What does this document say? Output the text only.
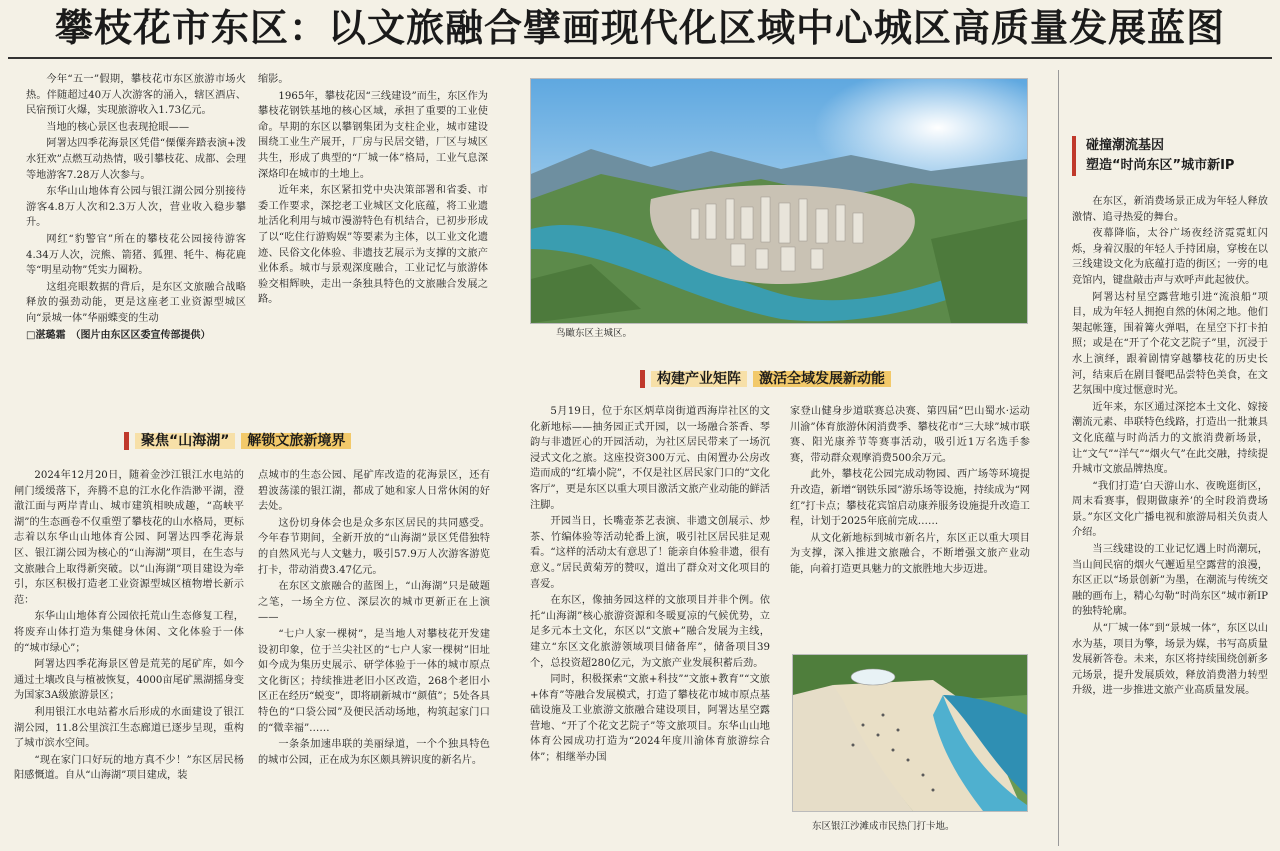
攀枝花市东区：以文旅融合擘画现代化区域中心城区高质量发展蓝图

今年“五一”假期，攀枝花市东区旅游市场火热。伴随超过40万人次游客的涌入，辖区酒店、民宿预订火爆，实现旅游收入1.73亿元。

当地的核心景区也表现抢眼——

阿署达四季花海景区凭借“傈僳奔踏表演+泼水狂欢”点燃互动热情，吸引攀枝花、成都、会理等地游客7.28万人次参与。

东华山山地体育公园与银江湖公园分别接待游客4.8万人次和2.3万人次，营业收入稳步攀升。

网红“豹警官”所在的攀枝花公园接待游客4.34万人次，浣熊、箭猪、狐狸、牦牛、梅花鹿等“明星动物”凭实力圈粉。

这组亮眼数据的背后，是东区文旅融合战略释放的强劲动能，更是这座老工业资源型城区向“景城一体”华丽蝶变的生动

□湛璐霜　（图片由东区区委宣传部提供）

缩影。

1965年，攀枝花因“三线建设”而生，东区作为攀枝花钢铁基地的核心区域，承担了重要的工业使命。早期的东区以攀钢集团为支柱企业，城市建设围绕工业生产展开，厂房与民居交错，厂区与城区共生，形成了典型的“厂城一体”格局，工业气息深深烙印在城市的土地上。

近年来，东区紧扣党中央决策部署和省委、市委工作要求，深挖老工业城区文化底蕴，将工业遗址活化利用与城市漫游特色有机结合，已初步形成了以“吃住行游购娱”等要素为主体，以工业文化遗迹、民俗文化体验、非遗技艺展示为支撑的文旅产业体系。城市与景观深度融合，工业记忆与旅游体验交相辉映，走出一条独具特色的文旅融合发展之路。

鸟瞰东区主城区。
聚焦“山海湖” 解锁文旅新境界

2024年12月20日，随着金沙江银江水电站的闸门缓缓落下，奔腾不息的江水化作浩渺平湖，澄澈江面与两岸青山、城市建筑相映成趣，“高峡平湖”的生态画卷不仅重塑了攀枝花的山水格局，更标志着以东华山山地体育公园、阿署达四季花海景区、银江湖公园为核心的“山海湖”项目，在生态与文旅融合上取得新突破。以“山海湖”项目建设为牵引，东区积极打造老工业资源型城区植物增长新示范：

东华山山地体育公园依托荒山生态修复工程，将废弃山体打造为集健身休闲、文化体验于一体的“城市绿心”；

阿署达四季花海景区曾是荒芜的尾矿库，如今通过土壤改良与植被恢复，4000亩尾矿黑湖摇身变为国家3A级旅游景区；

利用银江水电站蓄水后形成的水面建设了银江湖公园，11.8公里滨江生态廊道已逐步呈现，重构了城市滨水空间。

“现在家门口好玩的地方真不少！”东区居民杨阳感慨道。自从“山海湖”项目建成，装

点城市的生态公园、尾矿库改造的花海景区，还有碧波荡漾的银江湖，都成了她和家人日常休闲的好去处。

这份切身体会也是众多东区居民的共同感受。今年春节期间，全新开放的“山海湖”景区凭借独特的自然风光与人文魅力，吸引57.9万人次游客游览打卡，带动消费3.47亿元。

在东区文旅融合的蓝图上，“山海湖”只是破题之笔，一场全方位、深层次的城市更新正在上演——

“七户人家一棵树”，是当地人对攀枝花开发建设初印象，位于兰尖社区的“七户人家一棵树”旧址如今成为集历史展示、研学体验于一体的城市原点文化街区；持续推进老旧小区改造，268个老旧小区正在经历“蜕变”，即将刷新城市“颜值”；5处各具特色的“口袋公园”及便民活动场地，构筑起家门口的“微幸福”……

一条条加速串联的美丽绿道，一个个独具特色的城市公园，正在成为东区颇具辨识度的新名片。

构建产业矩阵 激活全域发展新动能

5月19日，位于东区炳草岗街道西海岸社区的文化新地标——抽务园正式开园，以一场融合茶香、琴韵与非遗匠心的开园活动，为社区居民带来了一场沉浸式文化之旅。这座投资300万元、由闲置办公房改造而成的“红墙小院”，不仅是社区居民家门口的“文化客厅”，更是东区以重大项目激活文旅产业动能的鲜活注脚。

开园当日，长嘴壶茶艺表演、非遗文创展示、炒茶、竹编体验等活动轮番上演，吸引社区居民驻足观看。“这样的活动太有意思了！能亲自体验非遗，很有意义。”居民黄菊芳的赞叹，道出了群众对文化项目的喜爱。

在东区，像抽务园这样的文旅项目并非个例。依托“山海湖”核心旅游资源和冬暖夏凉的气候优势，立足多元本土文化，东区以“文旅+”融合发展为主线，建立“东区文化旅游领域项目储备库”，储备项目39个，总投资超280亿元，为文旅产业发展积蓄后劲。

同时，积极探索“文旅+科技”“文旅+教育”“文旅+体育”等融合发展模式，打造了攀枝花市城市原点基础设施及工业旅游文旅融合建设项目，阿署达星空露营地、“开了个花文艺院子”等文旅项目。东华山山地体育公园成功打造为“2024年度川渝体育旅游综合体”；相继举办国

家登山健身步道联赛总决赛、第四届“巴山蜀水·运动川渝”体育旅游休闲消费季、攀枝花市“三大球”城市联赛、阳光康养节等赛事活动，吸引近1万名选手参赛，带动群众观摩消费500余万元。

此外，攀枝花公园完成动物园、西广场等环境提升改造，新增“钢铁乐园”游乐场等设施，持续成为“网红”打卡点；攀枝花宾馆启动康养服务设施提升改造工程，计划于2025年底前完成……

从文化新地标到城市新名片，东区正以重大项目为支撑，深入推进文旅融合，不断增强文旅产业动能，向着打造更具魅力的文旅胜地大步迈进。

东区银江沙滩成市民热门打卡地。
碰撞潮流基因
塑造“时尚东区”城市新IP

在东区，新消费场景正成为年轻人释放激情、追寻热爱的舞台。

夜幕降临，太谷广场夜经济霓霓虹闪烁，身着汉服的年轻人手持团扇，穿梭在以三线建设文化为底蕴打造的街区；一旁的电竞馆内，键盘敲击声与欢呼声此起彼伏。

阿署达村星空露营地引进“流浪船”项目，成为年轻人拥抱自然的休闲之地。他们架起帐篷，围着篝火弹唱，在星空下打卡拍照；或是在“开了个花文艺院子”里，沉浸于水上演绎，跟着剧情穿越攀枝花的历史长河，结束后在剧目餐吧品尝特色美食，在文艺氛围中度过惬意时光。

近年来，东区通过深挖本土文化、嫁接潮流元素、串联特色线路，打造出一批兼具文化底蕴与时尚活力的文旅消费新场景，让“文气”“洋气”“烟火气”在此交融，持续提升城市文旅品牌热度。

“我们打造‘白天游山水、夜晚逛街区，周末看赛事，假期做康养’的全时段消费场景。”东区文化广播电视和旅游局相关负责人介绍。

当三线建设的工业记忆遇上时尚潮玩，当山间民宿的烟火气邂逅星空露营的浪漫，东区正以“场景创新”为墨，在潮流与传统交融的画布上，精心勾勒“时尚东区”城市新IP的独特轮廓。

从“厂城一体”到“景城一体”，东区以山水为基，项目为擎，场景为媒，书写高质量发展新答卷。未来，东区将持续围绕创新多元场景，提升发展质效，释放消费潜力转型升级，进一步推进文旅产业高质量发展。
